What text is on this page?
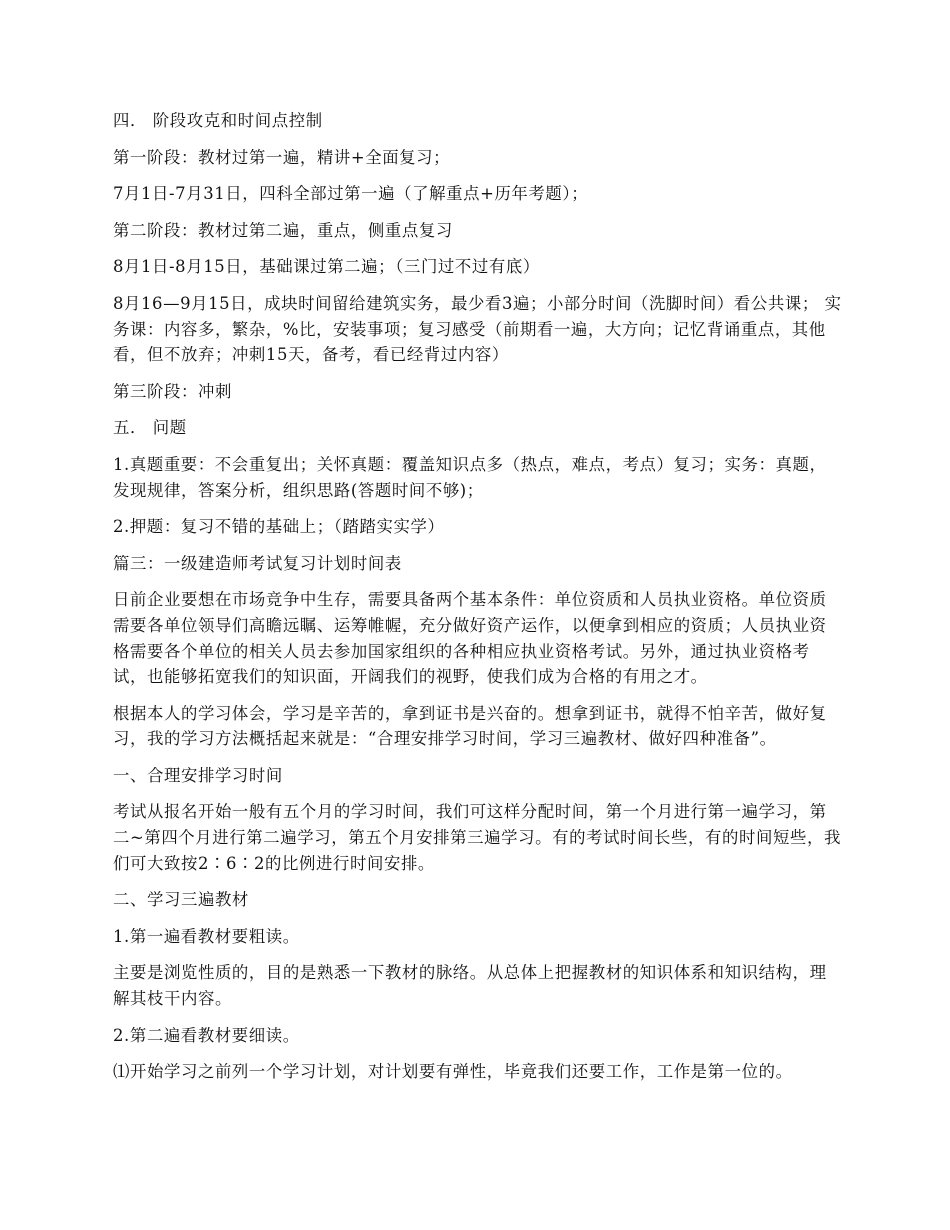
四． 阶段攻克和时间点控制

第一阶段：教材过第一遍，精讲+全面复习；

7月1日-7月31日，四科全部过第一遍（了解重点+历年考题）；

第二阶段：教材过第二遍，重点，侧重点复习

8月1日-8月15日，基础课过第二遍；（三门过不过有底）

8月16—9月15日，成块时间留给建筑实务，最少看3遍；小部分时间（洗脚时间）看公共课； 实务课：内容多，繁杂，%比，安装事项；复习感受（前期看一遍，大方向；记忆背诵重点，其他看，但不放弃；冲刺15天，备考，看已经背过内容）

第三阶段：冲刺

五． 问题

1.真题重要：不会重复出；关怀真题：覆盖知识点多（热点，难点，考点）复习；实务：真题，发现规律，答案分析，组织思路(答题时间不够)；

2.押题：复习不错的基础上；（踏踏实实学）

篇三：一级建造师考试复习计划时间表

日前企业要想在市场竞争中生存，需要具备两个基本条件：单位资质和人员执业资格。单位资质需要各单位领导们高瞻远瞩、运筹帷幄，充分做好资产运作，以便拿到相应的资质；人员执业资格需要各个单位的相关人员去参加国家组织的各种相应执业资格考试。另外，通过执业资格考试，也能够拓宽我们的知识面，开阔我们的视野，使我们成为合格的有用之才。

根据本人的学习体会，学习是辛苦的，拿到证书是兴奋的。想拿到证书，就得不怕辛苦，做好复习，我的学习方法概括起来就是：“合理安排学习时间，学习三遍教材、做好四种准备”。

一、合理安排学习时间

考试从报名开始一般有五个月的学习时间，我们可这样分配时间，第一个月进行第一遍学习，第二~第四个月进行第二遍学习，第五个月安排第三遍学习。有的考试时间长些，有的时间短些，我们可大致按2∶6∶2的比例进行时间安排。

二、学习三遍教材

1.第一遍看教材要粗读。

主要是浏览性质的，目的是熟悉一下教材的脉络。从总体上把握教材的知识体系和知识结构，理解其枝干内容。

2.第二遍看教材要细读。

⑴开始学习之前列一个学习计划，对计划要有弹性，毕竟我们还要工作，工作是第一位的。
